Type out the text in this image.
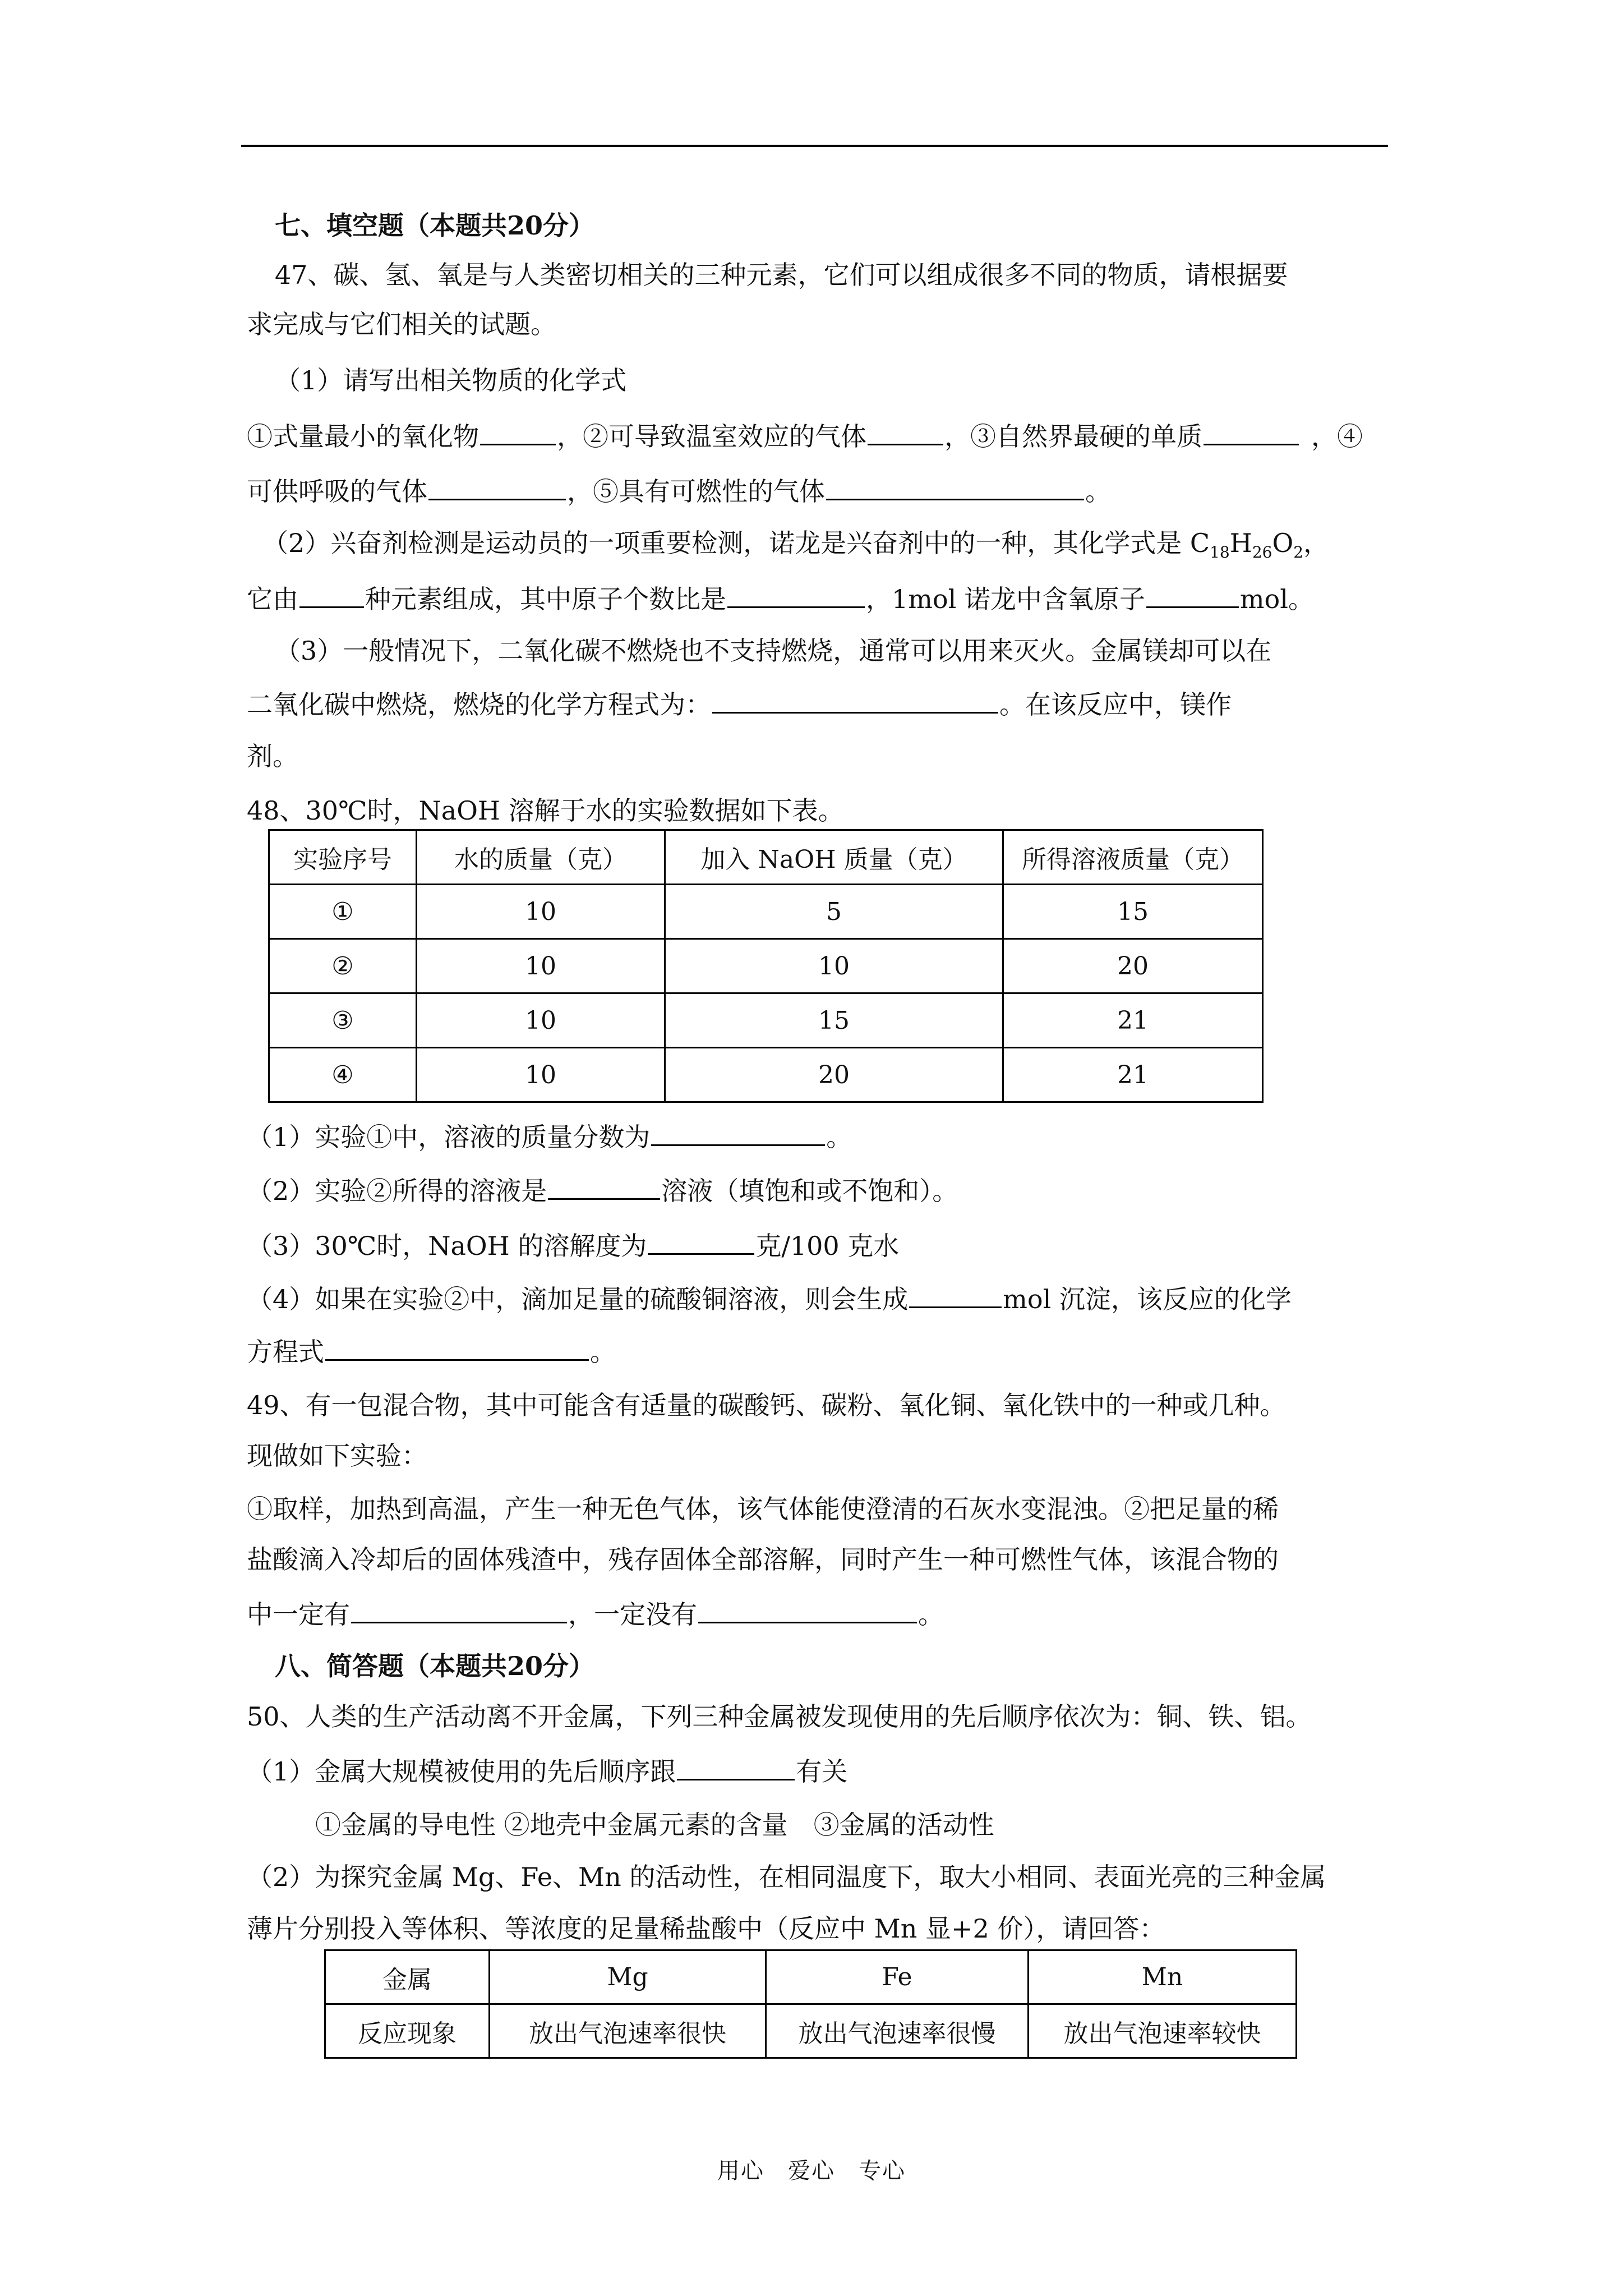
七、填空题（本题共20分）
47、碳、氢、氧是与人类密切相关的三种元素，它们可以组成很多不同的物质，请根据要
求完成与它们相关的试题。
（1）请写出相关物质的化学式
①式量最小的氧化物	，②可导致温室效应的气体	，③自然界最硬的单质	，④
可供呼吸的气体	，⑤具有可燃性的气体	。
（2）兴奋剂检测是运动员的一项重要检测，诺龙是兴奋剂中的一种，其化学式是 $C_{18}H_{26}O_2$，
它由	种元素组成，其中原子个数比是	，1mol 诺龙中含氧原子	mol。
（3）一般情况下，二氧化碳不燃烧也不支持燃烧，通常可以用来灭火。金属镁却可以在
二氧化碳中燃烧，燃烧的化学方程式为：	。在该反应中，镁作
剂。
48、30℃时，NaOH 溶解于水的实验数据如下表。
实验序号	水的质量（克）	加入 NaOH 质量（克）	所得溶液质量（克）
①	10	5	15
②	10	10	20
③	10	15	21
④	10	20	21
（1）实验①中，溶液的质量分数为	。
（2）实验②所得的溶液是	溶液（填饱和或不饱和）。
（3）30℃时，NaOH 的溶解度为	克/100 克水
（4）如果在实验②中，滴加足量的硫酸铜溶液，则会生成	mol 沉淀，该反应的化学
方程式	。
49、有一包混合物，其中可能含有适量的碳酸钙、碳粉、氧化铜、氧化铁中的一种或几种。
现做如下实验：
①取样，加热到高温，产生一种无色气体，该气体能使澄清的石灰水变混浊。②把足量的稀
盐酸滴入冷却后的固体残渣中，残存固体全部溶解，同时产生一种可燃性气体，该混合物的
中一定有	，一定没有	。
八、简答题（本题共20分）
50、人类的生产活动离不开金属，下列三种金属被发现使用的先后顺序依次为：铜、铁、铝。
（1）金属大规模被使用的先后顺序跟	有关
①金属的导电性 ②地壳中金属元素的含量　③金属的活动性
（2）为探究金属 Mg、Fe、Mn 的活动性，在相同温度下，取大小相同、表面光亮的三种金属
薄片分别投入等体积、等浓度的足量稀盐酸中（反应中 Mn 显+2 价），请回答：
金属	Mg	Fe	Mn
反应现象	放出气泡速率很快	放出气泡速率很慢	放出气泡速率较快
用心　爱心　专心
